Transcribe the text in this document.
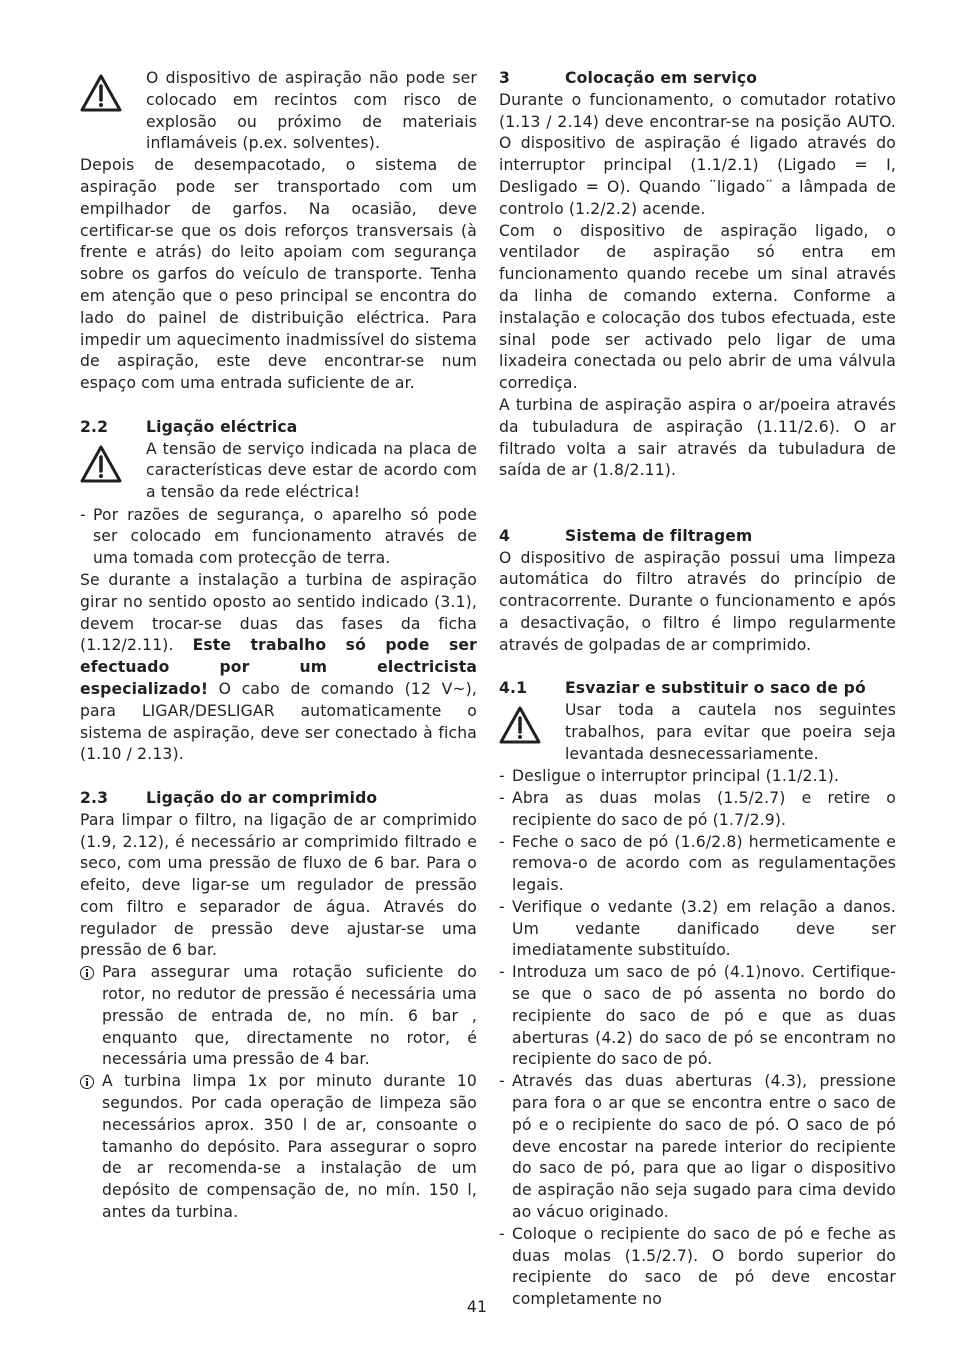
O dispositivo de aspiração não pode ser colocado em recintos com risco de explosão ou próximo de materiais inflamáveis (p.ex. solventes).

Depois de desempacotado, o sistema de aspiração pode ser transportado com um empilhador de garfos. Na ocasião, deve certificar-se que os dois reforços transversais (à frente e atrás) do leito apoiam com segurança sobre os garfos do veículo de transporte. Tenha em atenção que o peso principal se encontra do lado do painel de distribuição eléctrica. Para impedir um aquecimento inadmissível do sistema de aspiração, este deve encontrar-se num espaço com uma entrada suficiente de ar.

2.2	Ligação eléctrica

A tensão de serviço indicada na placa de características deve estar de acordo com a tensão da rede eléctrica!

- Por razões de segurança, o aparelho só pode ser colocado em funcionamento através de uma tomada com protecção de terra.

Se durante a instalação a turbina de aspiração girar no sentido oposto ao sentido indicado (3.1), devem trocar-se duas das fases da ficha (1.12/2.11). Este trabalho só pode ser efectuado por um electricista especializado! O cabo de comando (12 V~), para LIGAR/DESLIGAR automaticamente o sistema de aspiração, deve ser conectado à ficha (1.10 / 2.13).

2.3	Ligação do ar comprimido

Para limpar o filtro, na ligação de ar comprimido (1.9, 2.12), é necessário ar comprimido filtrado e seco, com uma pressão de fluxo de 6 bar. Para o efeito, deve ligar-se um regulador de pressão com filtro e separador de água. Através do regulador de pressão deve ajustar-se uma pressão de 6 bar.

Para assegurar uma rotação suficiente do rotor, no redutor de pressão é necessária uma pressão de entrada de, no mín. 6 bar , enquanto que, directamente no rotor, é necessária uma pressão de 4 bar.
A turbina limpa 1x por minuto durante 10 segundos. Por cada operação de limpeza são necessários aprox. 350 l de ar, consoante o tamanho do depósito. Para assegurar o sopro de ar recomenda-se a instalação de um depósito de compensação de, no mín. 150 l, antes da turbina.
3	Colocação em serviço

Durante o funcionamento, o comutador rotativo (1.13 / 2.14) deve encontrar-se na posição AUTO. O dispositivo de aspiração é ligado através do interruptor principal (1.1/2.1) (Ligado = I, Desligado = O). Quando ¨ligado¨ a lâmpada de controlo (1.2/2.2) acende.

Com o dispositivo de aspiração ligado, o ventilador de aspiração só entra em funcionamento quando recebe um sinal através da linha de comando externa. Conforme a instalação e colocação dos tubos efectuada, este sinal pode ser activado pelo ligar de uma lixadeira conectada ou pelo abrir de uma válvula corrediça.

A turbina de aspiração aspira o ar/poeira através da tubuladura de aspiração (1.11/2.6). O ar filtrado volta a sair através da tubuladura de saída de ar (1.8/2.11).

4	Sistema de filtragem

O dispositivo de aspiração possui uma limpeza automática do filtro através do princípio de contracorrente. Durante o funcionamento e após a desactivação, o filtro é limpo regularmente através de golpadas de ar comprimido.

4.1	Esvaziar e substituir o saco de pó

Usar toda a cautela nos seguintes trabalhos, para evitar que poeira seja levantada desnecessariamente.

- Desligue o interruptor principal (1.1/2.1).
- Abra as duas molas (1.5/2.7) e retire o recipiente do saco de pó (1.7/2.9).
- Feche o saco de pó (1.6/2.8) hermeticamente e remova-o de acordo com as regulamentações legais.
- Verifique o vedante (3.2) em relação a danos. Um vedante danificado deve ser imediatamente substituído.
- Introduza um saco de pó (4.1)novo. Certifique-se que o saco de pó assenta no bordo do recipiente do saco de pó e que as duas aberturas (4.2) do saco de pó se encontram no recipiente do saco de pó.
- Através das duas aberturas (4.3), pressione para fora o ar que se encontra entre o saco de pó e o recipiente do saco de pó. O saco de pó deve encostar na parede interior do recipiente do saco de pó, para que ao ligar o dispositivo de aspiração não seja sugado para cima devido ao vácuo originado.
- Coloque o recipiente do saco de pó e feche as duas molas (1.5/2.7). O bordo superior do recipiente do saco de pó deve encostar completamente no
41
